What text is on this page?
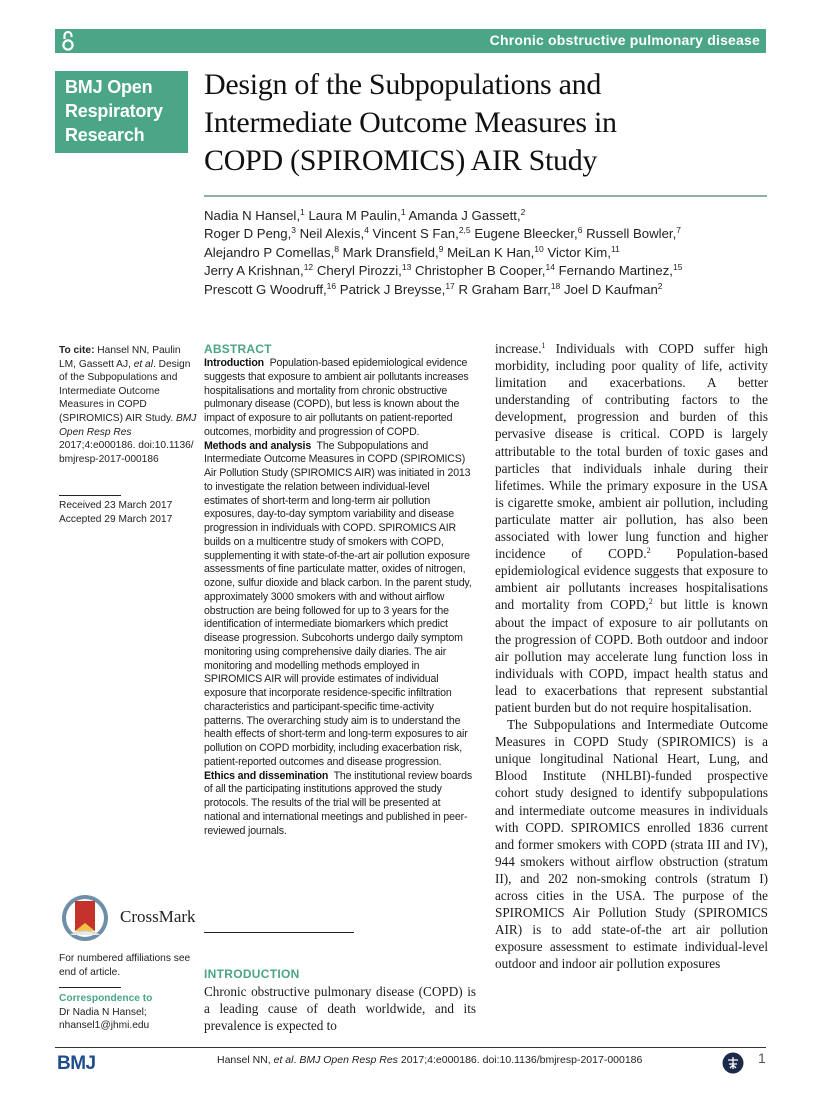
Chronic obstructive pulmonary disease
BMJ Open
Respiratory
Research
Design of the Subpopulations and
Intermediate Outcome Measures in
COPD (SPIROMICS) AIR Study
Nadia N Hansel,$^1$ Laura M Paulin,$^1$ Amanda J Gassett,$^2$
Roger D Peng,$^3$ Neil Alexis,$^4$ Vincent S Fan,$^{2,5}$ Eugene Bleecker,$^6$ Russell Bowler,$^7$
Alejandro P Comellas,$^8$ Mark Dransfield,$^9$ MeiLan K Han,$^{10}$ Victor Kim,$^{11}$
Jerry A Krishnan,$^{12}$ Cheryl Pirozzi,$^{13}$ Christopher B Cooper,$^{14}$ Fernando Martinez,$^{15}$
Prescott G Woodruff,$^{16}$ Patrick J Breysse,$^{17}$ R Graham Barr,$^{18}$ Joel D Kaufman$^2$
To cite: Hansel NN, Paulin LM, Gassett AJ, et al. Design of the Subpopulations and Intermediate Outcome Measures in COPD (SPIROMICS) AIR Study. BMJ Open Resp Res 2017;4:e000186. doi:10.1136/ bmjresp-2017-000186
Received 23 March 2017
Accepted 29 March 2017
CrossMark
For numbered affiliations see end of article.
Correspondence to
Dr Nadia N Hansel;
nhansel1@jhmi.edu
ABSTRACT
Introduction Population-based epidemiological evidence suggests that exposure to ambient air pollutants increases hospitalisations and mortality from chronic obstructive pulmonary disease (COPD), but less is known about the impact of exposure to air pollutants on patient-reported outcomes, morbidity and progression of COPD.
Methods and analysis The Subpopulations and Intermediate Outcome Measures in COPD (SPIROMICS) Air Pollution Study (SPIROMICS AIR) was initiated in 2013 to investigate the relation between individual-level estimates of short-term and long-term air pollution exposures, day-to-day symptom variability and disease progression in individuals with COPD. SPIROMICS AIR builds on a multicentre study of smokers with COPD, supplementing it with state-of-the-art air pollution exposure assessments of fine particulate matter, oxides of nitrogen, ozone, sulfur dioxide and black carbon. In the parent study, approximately 3000 smokers with and without airflow obstruction are being followed for up to 3 years for the identification of intermediate biomarkers which predict disease progression. Subcohorts undergo daily symptom monitoring using comprehensive daily diaries. The air monitoring and modelling methods employed in SPIROMICS AIR will provide estimates of individual exposure that incorporate residence-specific infiltration characteristics and participant-specific time-activity patterns. The overarching study aim is to understand the health effects of short-term and long-term exposures to air pollution on COPD morbidity, including exacerbation risk, patient-reported outcomes and disease progression.
Ethics and dissemination The institutional review boards of all the participating institutions approved the study protocols. The results of the trial will be presented at national and international meetings and published in peer-reviewed journals.
INTRODUCTION
Chronic obstructive pulmonary disease (COPD) is a leading cause of death worldwide, and its prevalence is expected to

increase.$^1$ Individuals with COPD suffer high morbidity, including poor quality of life, activity limitation and exacerbations. A better understanding of contributing factors to the development, progression and burden of this pervasive disease is critical. COPD is largely attributable to the total burden of toxic gases and particles that individuals inhale during their lifetimes. While the primary exposure in the USA is cigarette smoke, ambient air pollution, including particulate matter air pollution, has also been associated with lower lung function and higher incidence of COPD.$^2$ Population-based epidemiological evidence suggests that exposure to ambient air pollutants increases hospitalisations and mortality from COPD,$^2$ but little is known about the impact of exposure to air pollutants on the progression of COPD. Both outdoor and indoor air pollution may accelerate lung function loss in individuals with COPD, impact health status and lead to exacerbations that represent substantial patient burden but do not require hospitalisation.

The Subpopulations and Intermediate Outcome Measures in COPD Study (SPIROMICS) is a unique longitudinal National Heart, Lung, and Blood Institute (NHLBI)-funded prospective cohort study designed to identify subpopulations and intermediate outcome measures in individuals with COPD. SPIROMICS enrolled 1836 current and former smokers with COPD (strata III and IV), 944 smokers without airflow obstruction (stratum II), and 202 non-smoking controls (stratum I) across cities in the USA. The purpose of the SPIROMICS Air Pollution Study (SPIROMICS AIR) is to add state-of-the art air pollution exposure assessment to estimate individual-level outdoor and indoor air pollution exposures

BMJ	Hansel NN, et al. BMJ Open Resp Res 2017;4:e000186. doi:10.1136/bmjresp-2017-000186	1
